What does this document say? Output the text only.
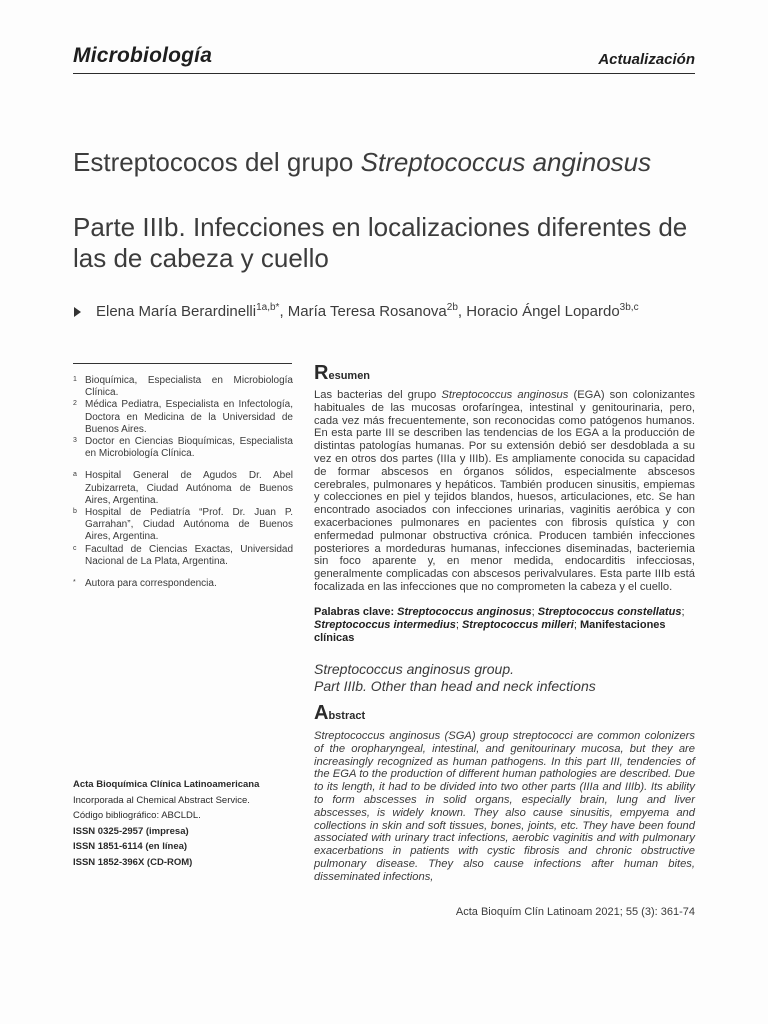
Microbiología	Actualización
Estreptococos del grupo Streptococcus anginosus
Parte IIIb. Infecciones en localizaciones diferentes de las de cabeza y cuello
Elena María Berardinelli$^{1a,b*}$, María Teresa Rosanova$^{2b}$, Horacio Ángel Lopardo$^{3b,c}$
1 Bioquímica, Especialista en Microbiología Clínica.
2 Médica Pediatra, Especialista en Infectología, Doctora en Medicina de la Universidad de Buenos Aires.
3 Doctor en Ciencias Bioquímicas, Especialista en Microbiología Clínica.
a Hospital General de Agudos Dr. Abel Zubizarreta, Ciudad Autónoma de Buenos Aires, Argentina.
b Hospital de Pediatría “Prof. Dr. Juan P. Garrahan”, Ciudad Autónoma de Buenos Aires, Argentina.
c Facultad de Ciencias Exactas, Universidad Nacional de La Plata, Argentina.
* Autora para correspondencia.
Acta Bioquímica Clínica Latinoamericana
Incorporada al Chemical Abstract Service.
Código bibliográfico: ABCLDL.
ISSN 0325-2957 (impresa)
ISSN 1851-6114 (en línea)
ISSN 1852-396X (CD-ROM)
Resumen
Las bacterias del grupo Streptococcus anginosus (EGA) son colonizantes habituales de las mucosas orofaríngea, intestinal y genitourinaria, pero, cada vez más frecuentemente, son reconocidas como patógenos humanos. En esta parte III se describen las tendencias de los EGA a la producción de distintas patologías humanas. Por su extensión debió ser desdoblada a su vez en otros dos partes (IIIa y IIIb). Es ampliamente conocida su capacidad de formar abscesos en órganos sólidos, especialmente abscesos cerebrales, pulmonares y hepáticos. También producen sinusitis, empiemas y colecciones en piel y tejidos blandos, huesos, articulaciones, etc. Se han encontrado asociados con infecciones urinarias, vaginitis aeróbica y con exacerbaciones pulmonares en pacientes con fibrosis quística y con enfermedad pulmonar obstructiva crónica. Producen también infecciones posteriores a mordeduras humanas, infecciones diseminadas, bacteriemia sin foco aparente y, en menor medida, endocarditis infecciosas, generalmente complicadas con abscesos perivalvulares. Esta parte IIIb está focalizada en las infecciones que no comprometen la cabeza y el cuello.
Palabras clave: Streptococcus anginosus; Streptococcus constellatus; Streptococcus intermedius; Streptococcus milleri; Manifestaciones clínicas
Streptococcus anginosus group.
Part IIIb. Other than head and neck infections
Abstract
Streptococcus anginosus (SGA) group streptococci are common colonizers of the oropharyngeal, intestinal, and genitourinary mucosa, but they are increasingly recognized as human pathogens. In this part III, tendencies of the EGA to the production of different human pathologies are described. Due to its length, it had to be divided into two other parts (IIIa and IIIb). Its ability to form abscesses in solid organs, especially brain, lung and liver abscesses, is widely known. They also cause sinusitis, empyema and collections in skin and soft tissues, bones, joints, etc. They have been found associated with urinary tract infections, aerobic vaginitis and with pulmonary exacerbations in patients with cystic fibrosis and chronic obstructive pulmonary disease. They also cause infections after human bites, disseminated infections,
Acta Bioquím Clín Latinoam 2021; 55 (3): 361-74
